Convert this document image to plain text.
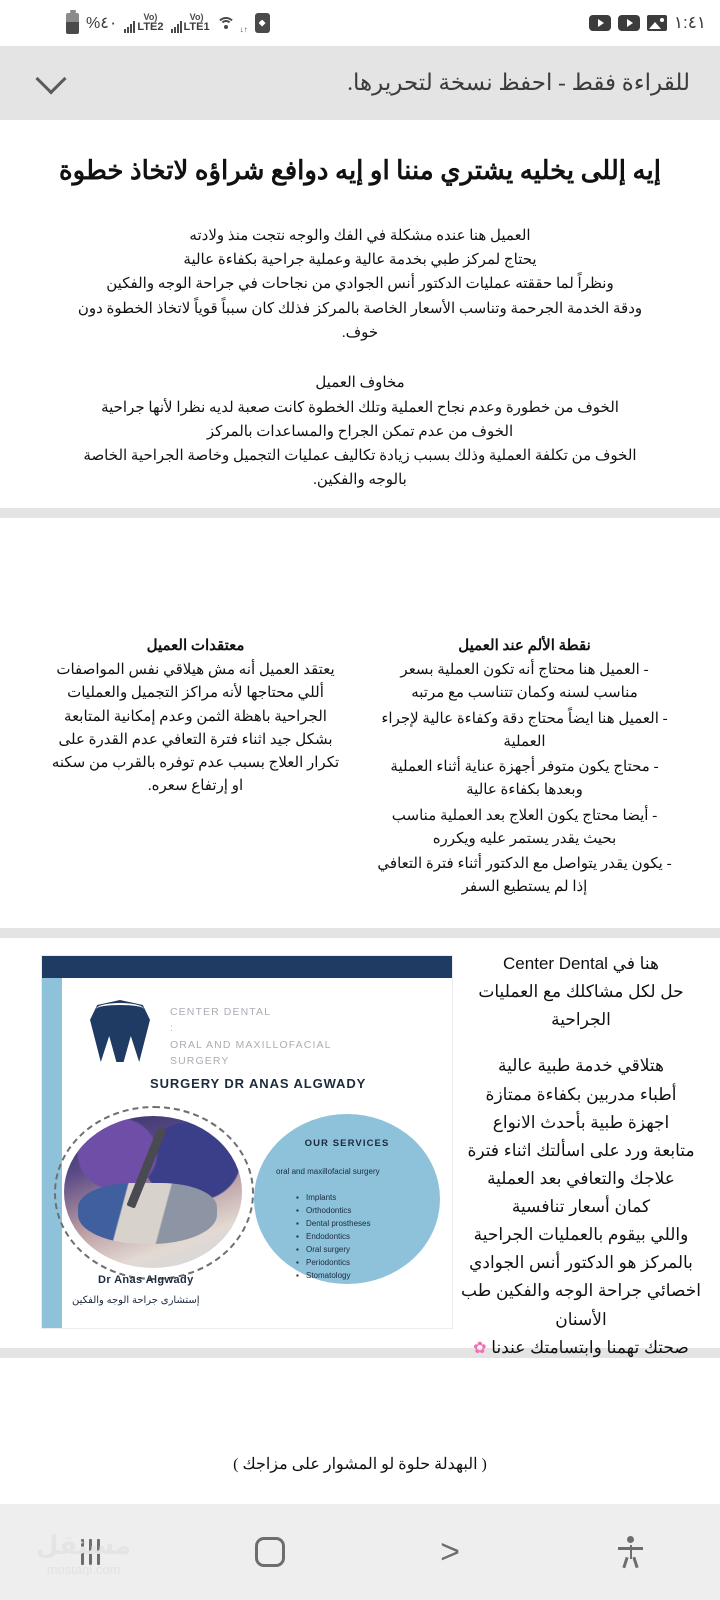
%٤٠	Vo)
LTE2
Vo)
LTE1	↓↑	١:٤١
للقراءة فقط - احفظ نسخة لتحريرها.
إيه إللى يخليه يشتري مننا او إيه دوافع شراؤه لاتخاذ خطوة

العميل هنا عنده مشكلة في الفك والوجه نتجت منذ ولادته

يحتاج لمركز طبي بخدمة عالية وعملية جراحية بكفاءة عالية

ونظراً لما حققته عمليات الدكتور أنس الجوادي من نجاحات في جراحة الوجه والفكين

ودقة الخدمة الجرحمة وتناسب الأسعار الخاصة بالمركز فذلك كان سبباً قوياً لاتخاذ الخطوة دون

خوف.

مخاوف العميل

الخوف من خطورة وعدم نجاح العملية وتلك الخطوة كانت صعبة لديه نظرا لأنها جراحية

الخوف من عدم تمكن الجراح والمساعدات بالمركز

الخوف من تكلفة العملية وذلك بسبب زيادة تكاليف عمليات التجميل وخاصة الجراحية الخاصة

بالوجه والفكين.

نقطة الألم عند العميل
- العميل هنا محتاج أنه تكون العملية بسعر مناسب لسنه وكمان تتناسب مع مرتبه
- العميل هنا ايضاً محتاج دقة وكفاءة عالية لإجراء العملية
- محتاج يكون متوفر أجهزة عناية أثناء العملية وبعدها بكفاءة عالية
- أيضا محتاج يكون العلاج بعد العملية مناسب بحيث يقدر يستمر عليه ويكرره
- يكون يقدر يتواصل مع الدكتور أثناء فترة التعافي إذا لم يستطيع السفر
معتقدات العميل
يعتقد العميل أنه مش هيلاقي نفس المواصفات أللي محتاجها لأنه مراكز التجميل والعمليات الجراحية باهظة الثمن وعدم إمكانية المتابعة بشكل جيد اثناء فترة التعافي عدم القدرة على تكرار العلاج بسبب عدم توفره بالقرب من سكنه او إرتفاع سعره.
هنا في Center Dental
حل لكل مشاكلك مع العمليات
الجراحية
هتلاقي خدمة طبية عالية
أطباء مدربين بكفاءة ممتازة
اجهزة طبية بأحدث الانواع
متابعة ورد على اسألتك اثناء فترة
علاجك والتعافي بعد العملية
كمان أسعار تنافسية
واللي بيقوم بالعمليات الجراحية
بالمركز هو الدكتور أنس الجوادي
اخصائي جراحة الوجه والفكين طب
الأسنان
صحتك تهمنا وابتسامتك عندنا ✿
CENTER DENTAL
:
ORAL AND MAXILLOFACIAL
SURGERY
SURGERY DR ANAS ALGWADY
OUR SERVICES
oral and maxillofacial surgery
▪ Implants
▪ Orthodontics
▪ Dental prostheses
▪ Endodontics
▪ Oral surgery
▪ Periodontics
▪ Stomatology
Dr Anas Algwady
إستشارى جراحة الوجه والفكين
( البهدلة حلوة لو المشوار على مزاجك )
>
مستقل
mostaql.com
